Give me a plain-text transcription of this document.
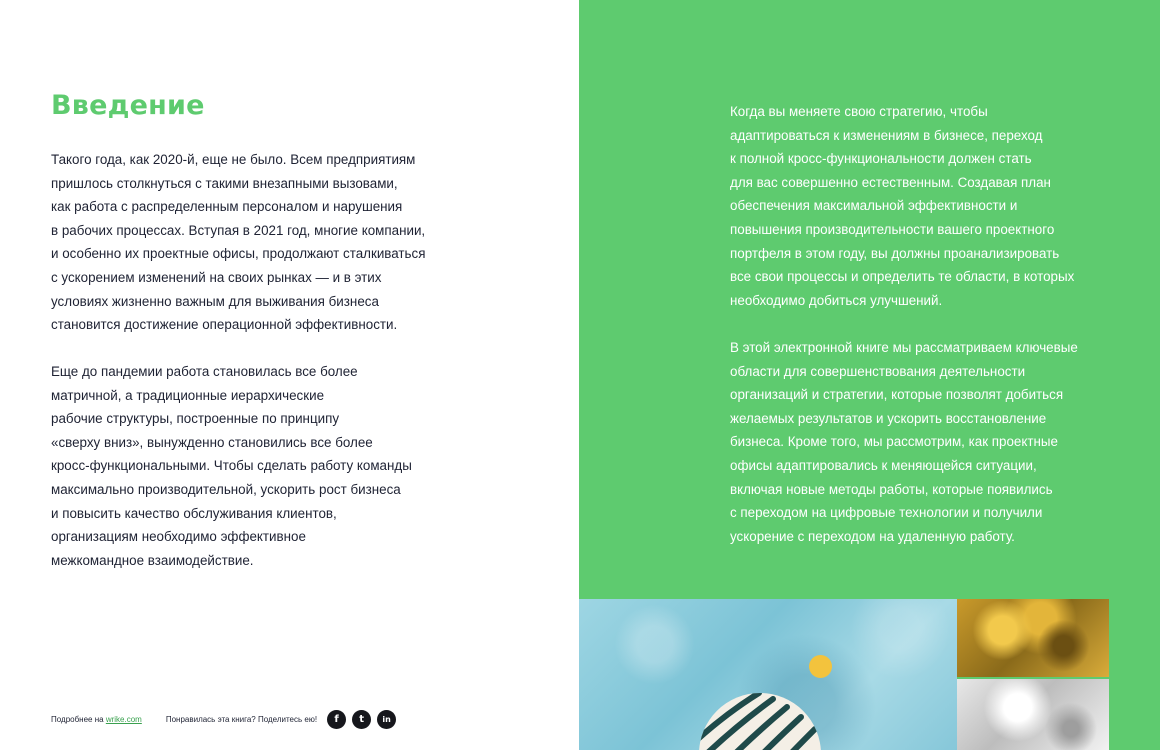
Введение
Такого года, как 2020-й, еще не было. Всем предприятиям
пришлось столкнуться с такими внезапными вызовами,
как работа с распределенным персоналом и нарушения
в рабочих процессах. Вступая в 2021 год, многие компании,
и особенно их проектные офисы, продолжают сталкиваться
с ускорением изменений на своих рынках — и в этих
условиях жизненно важным для выживания бизнеса
становится достижение операционной эффективности.
Еще до пандемии работа становилась все более
матричной, а традиционные иерархические
рабочие структуры, построенные по принципу
«сверху вниз», вынужденно становились все более
кросс-функциональными. Чтобы сделать работу команды
максимально производительной, ускорить рост бизнеса
и повысить качество обслуживания клиентов,
организациям необходимо эффективное
межкомандное взаимодействие.
Подробнее на wrike.com	Понравилась эта книга? Поделитесь ею!	f	t	in
Когда вы меняете свою стратегию, чтобы
адаптироваться к изменениям в бизнесе, переход
к полной кросс-функциональности должен стать
для вас совершенно естественным. Создавая план
обеспечения максимальной эффективности и
повышения производительности вашего проектного
портфеля в этом году, вы должны проанализировать
все свои процессы и определить те области, в которых
необходимо добиться улучшений.
В этой электронной книге мы рассматриваем ключевые
области для совершенствования деятельности
организаций и стратегии, которые позволят добиться
желаемых результатов и ускорить восстановление
бизнеса. Кроме того, мы рассмотрим, как проектные
офисы адаптировались к меняющейся ситуации,
включая новые методы работы, которые появились
с переходом на цифровые технологии и получили
ускорение с переходом на удаленную работу.
